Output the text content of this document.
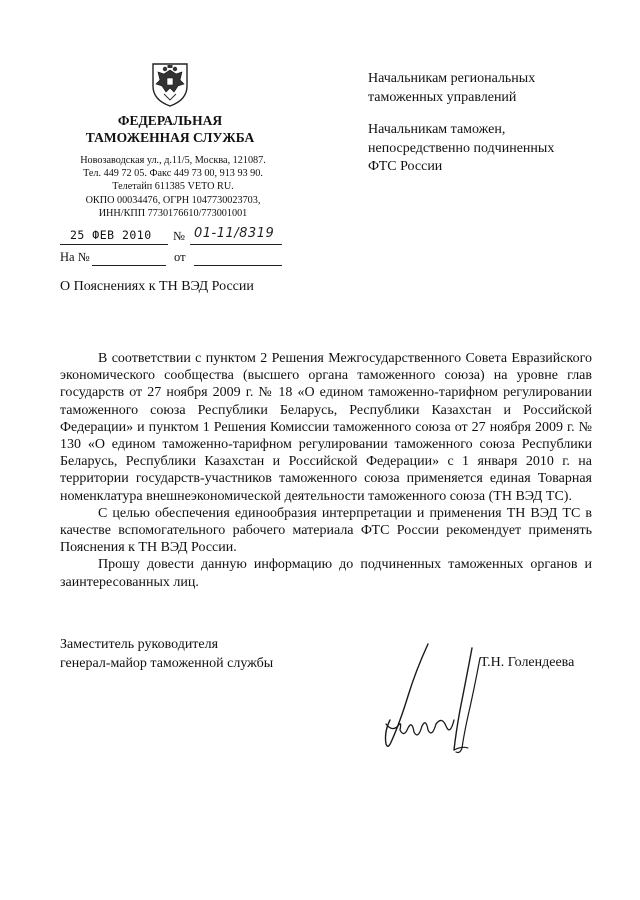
ФЕДЕРАЛЬНАЯ
ТАМОЖЕННАЯ СЛУЖБА
Новозаводская ул., д.11/5, Москва, 121087.
Тел. 449 72 05. Факс 449 73 00, 913 93 90.
Телетайп 611385 VETO RU.
ОКПО 00034476, ОГРН 1047730023703,
ИНН/КПП 7730176610/773001001
25 ФЕВ 2010 № 01-11/8319
На №	от

Начальникам региональных
таможенных управлений

Начальникам таможен,
непосредственно подчиненных
ФТС России

О Пояснениях к ТН ВЭД России

В соответствии с пунктом 2 Решения Межгосударственного Совета Евразийского экономического сообщества (высшего органа таможенного союза) на уровне глав государств от 27 ноября 2009 г. № 18 «О едином таможенно-тарифном регулировании таможенного союза Республики Беларусь, Республики Казахстан и Российской Федерации» и пунктом 1 Решения Комиссии таможенного союза от 27 ноября 2009 г. № 130 «О едином таможенно-тарифном регулировании таможенного союза Республики Беларусь, Республики Казахстан и Российской Федерации» с 1 января 2010 г. на территории государств-участников таможенного союза применяется единая Товарная номенклатура внешнеэкономической деятельности таможенного союза (ТН ВЭД ТС).

С целью обеспечения единообразия интерпретации и применения ТН ВЭД ТС в качестве вспомогательного рабочего материала ФТС России рекомендует применять Пояснения к ТН ВЭД России.

Прошу довести данную информацию до подчиненных таможенных органов и заинтересованных лиц.

Заместитель руководителя
генерал-майор таможенной службы	Т.Н. Голендеева
